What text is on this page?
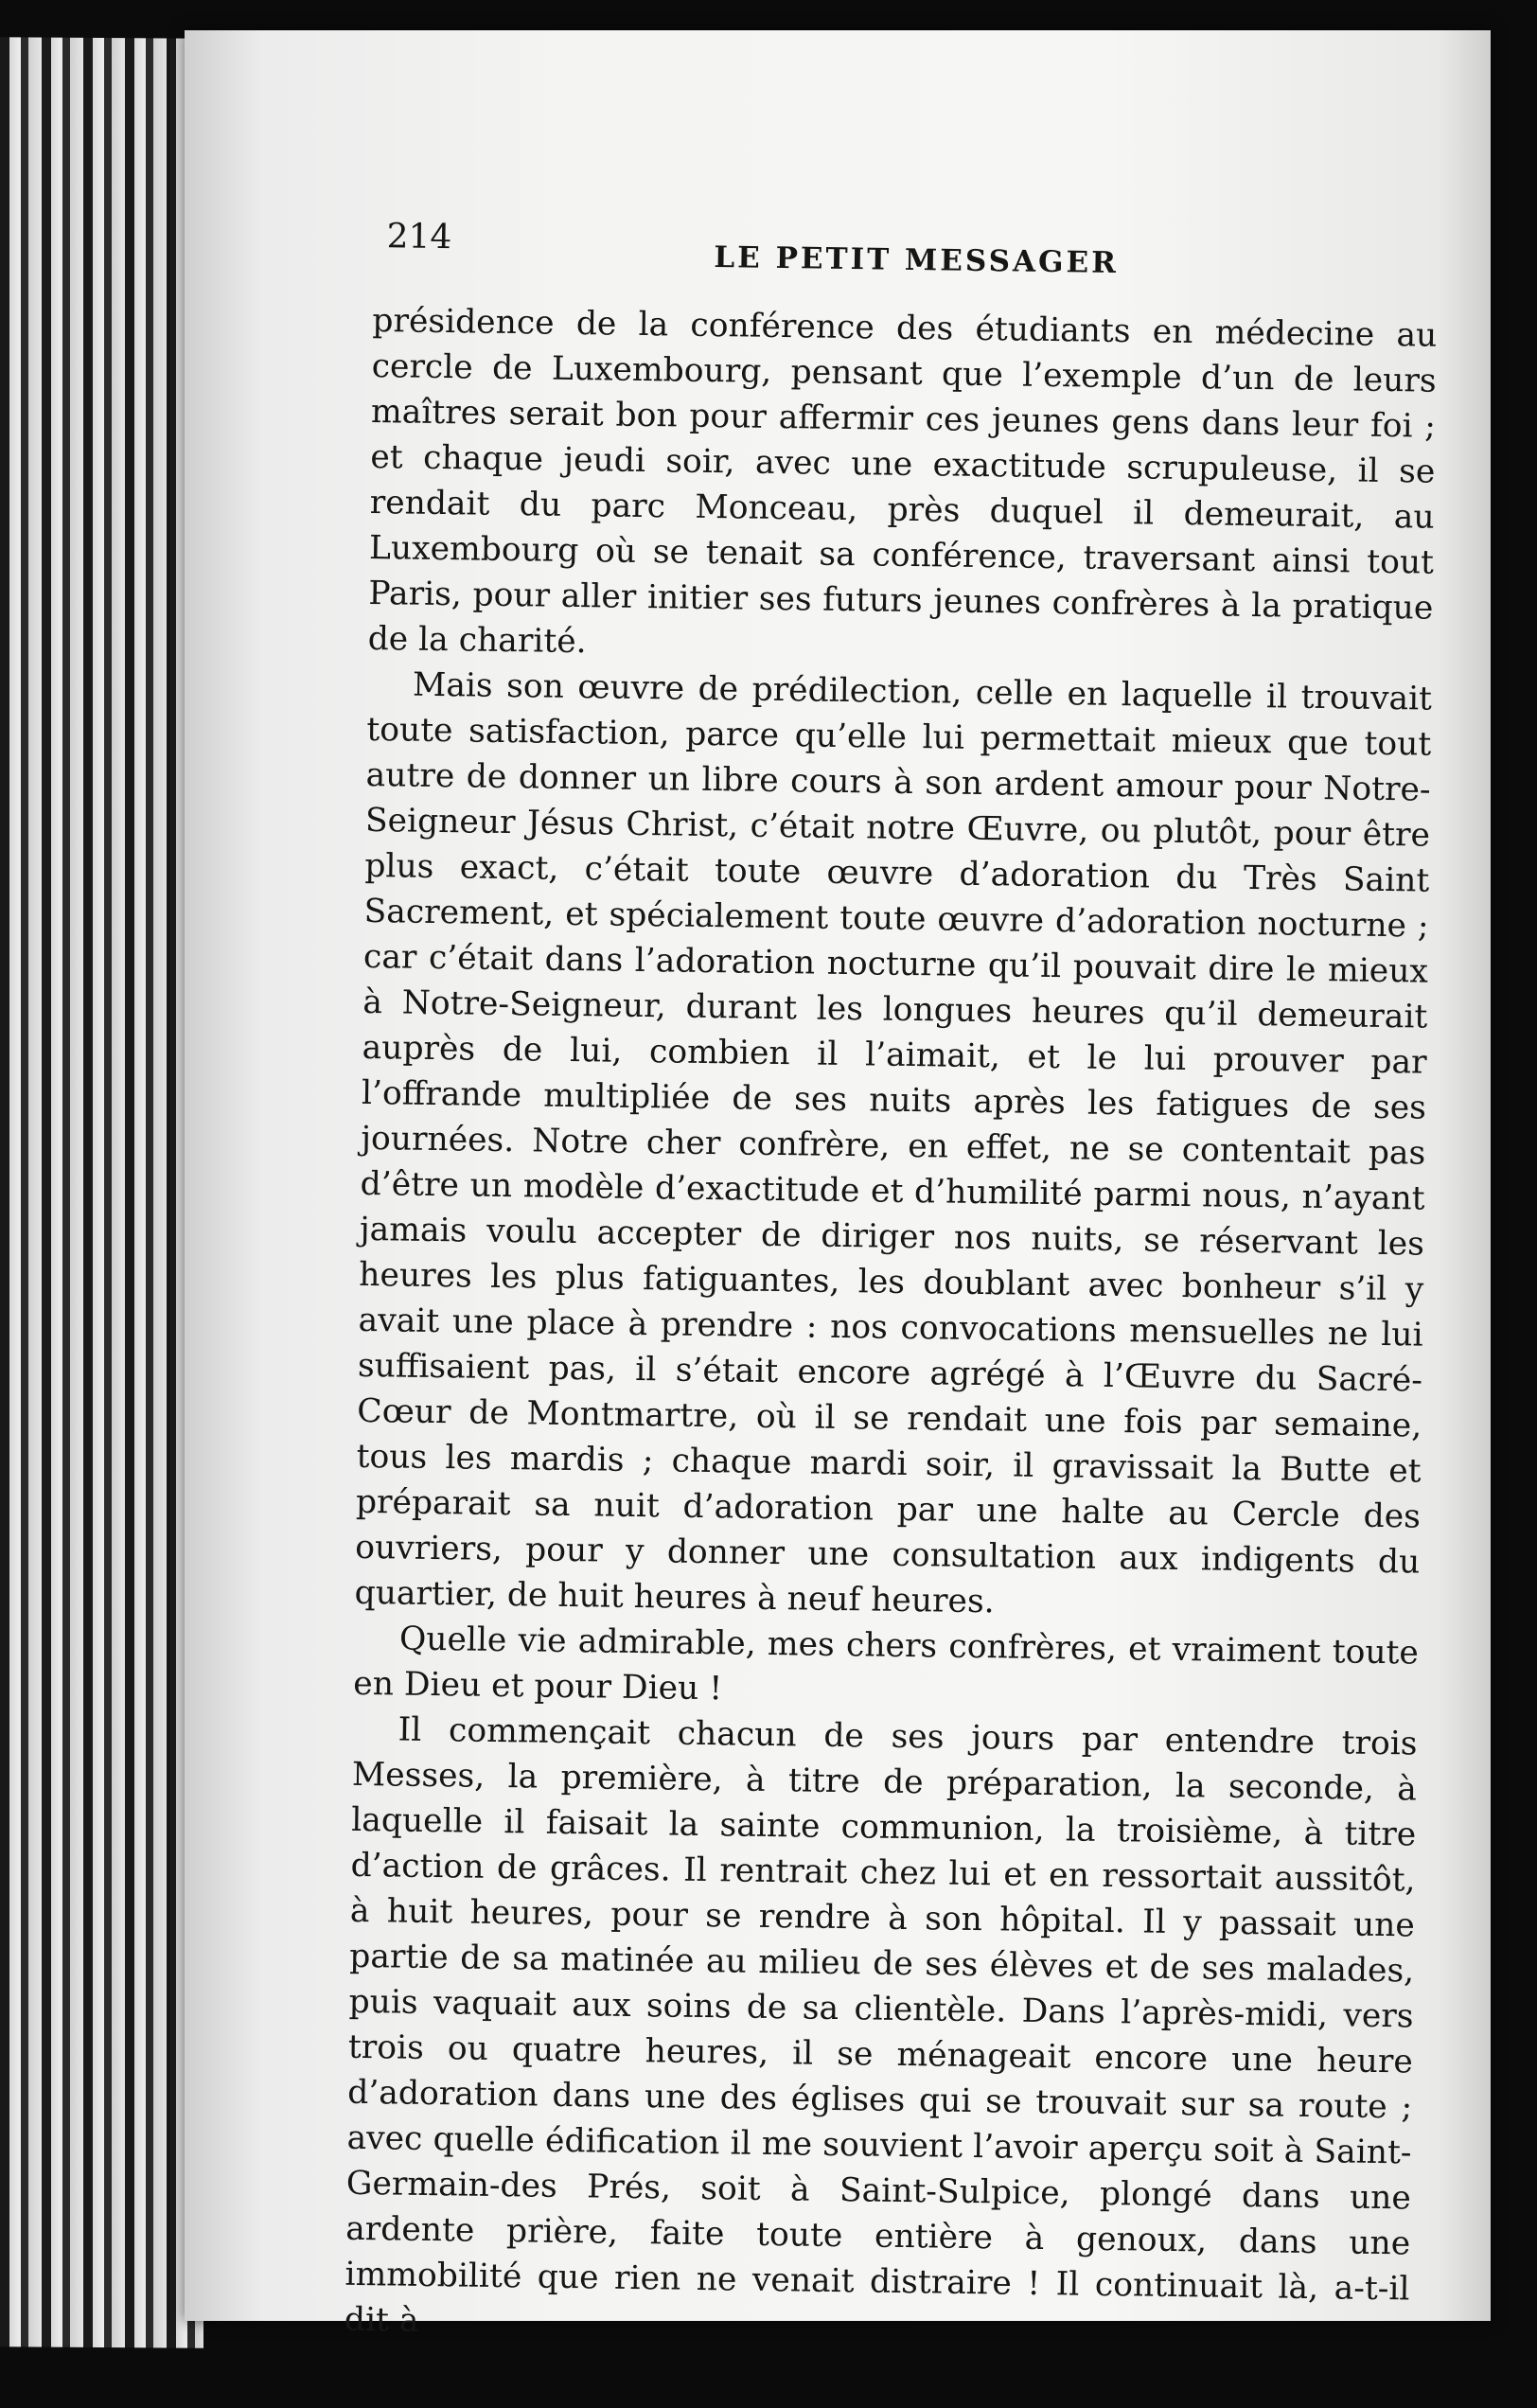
214
LE PETIT MESSAGER

présidence de la conférence des étudiants en médecine au cercle de Luxembourg, pensant que l’exemple d’un de leurs maîtres serait bon pour affermir ces jeunes gens dans leur foi ; et chaque jeudi soir, avec une exactitude scrupuleuse, il se rendait du parc Monceau, près duquel il demeurait, au Luxembourg où se tenait sa conférence, traversant ainsi tout Paris, pour aller initier ses futurs jeunes confrères à la pratique de la charité.

Mais son œuvre de prédilection, celle en laquelle il trouvait toute satisfaction, parce qu’elle lui permettait mieux que tout autre de donner un libre cours à son ardent amour pour Notre-Seigneur Jésus Christ, c’était notre Œuvre, ou plutôt, pour être plus exact, c’était toute œuvre d’adoration du Très Saint Sacrement, et spécialement toute œuvre d’adoration nocturne ; car c’était dans l’adoration nocturne qu’il pouvait dire le mieux à Notre-Seigneur, durant les longues heures qu’il demeurait auprès de lui, combien il l’aimait, et le lui prouver par l’offrande multipliée de ses nuits après les fatigues de ses journées. Notre cher confrère, en effet, ne se contentait pas d’être un modèle d’exactitude et d’humilité parmi nous, n’ayant jamais voulu accepter de diriger nos nuits, se réservant les heures les plus fatiguantes, les doublant avec bonheur s’il y avait une place à prendre : nos convocations mensuelles ne lui suffisaient pas, il s’était encore agrégé à l’Œuvre du Sacré-Cœur de Montmartre, où il se rendait une fois par semaine, tous les mardis ; chaque mardi soir, il gravissait la Butte et préparait sa nuit d’adoration par une halte au Cercle des ouvriers, pour y donner une consultation aux indigents du quartier, de huit heures à neuf heures.

Quelle vie admirable, mes chers confrères, et vraiment toute en Dieu et pour Dieu !

Il commençait chacun de ses jours par entendre trois Messes, la première, à titre de préparation, la seconde, à laquelle il faisait la sainte communion, la troisième, à titre d’action de grâces. Il rentrait chez lui et en ressortait aussitôt, à huit heures, pour se rendre à son hôpital. Il y passait une partie de sa matinée au milieu de ses élèves et de ses malades, puis vaquait aux soins de sa clientèle. Dans l’après-midi, vers trois ou quatre heures, il se ménageait encore une heure d’adoration dans une des églises qui se trouvait sur sa route ; avec quelle édification il me souvient l’avoir aperçu soit à Saint-Germain-des Prés, soit à Saint-Sulpice, plongé dans une ardente prière, faite toute entière à genoux, dans une immobilité que rien ne venait distraire ! Il continuait là, a-t-il dit à
